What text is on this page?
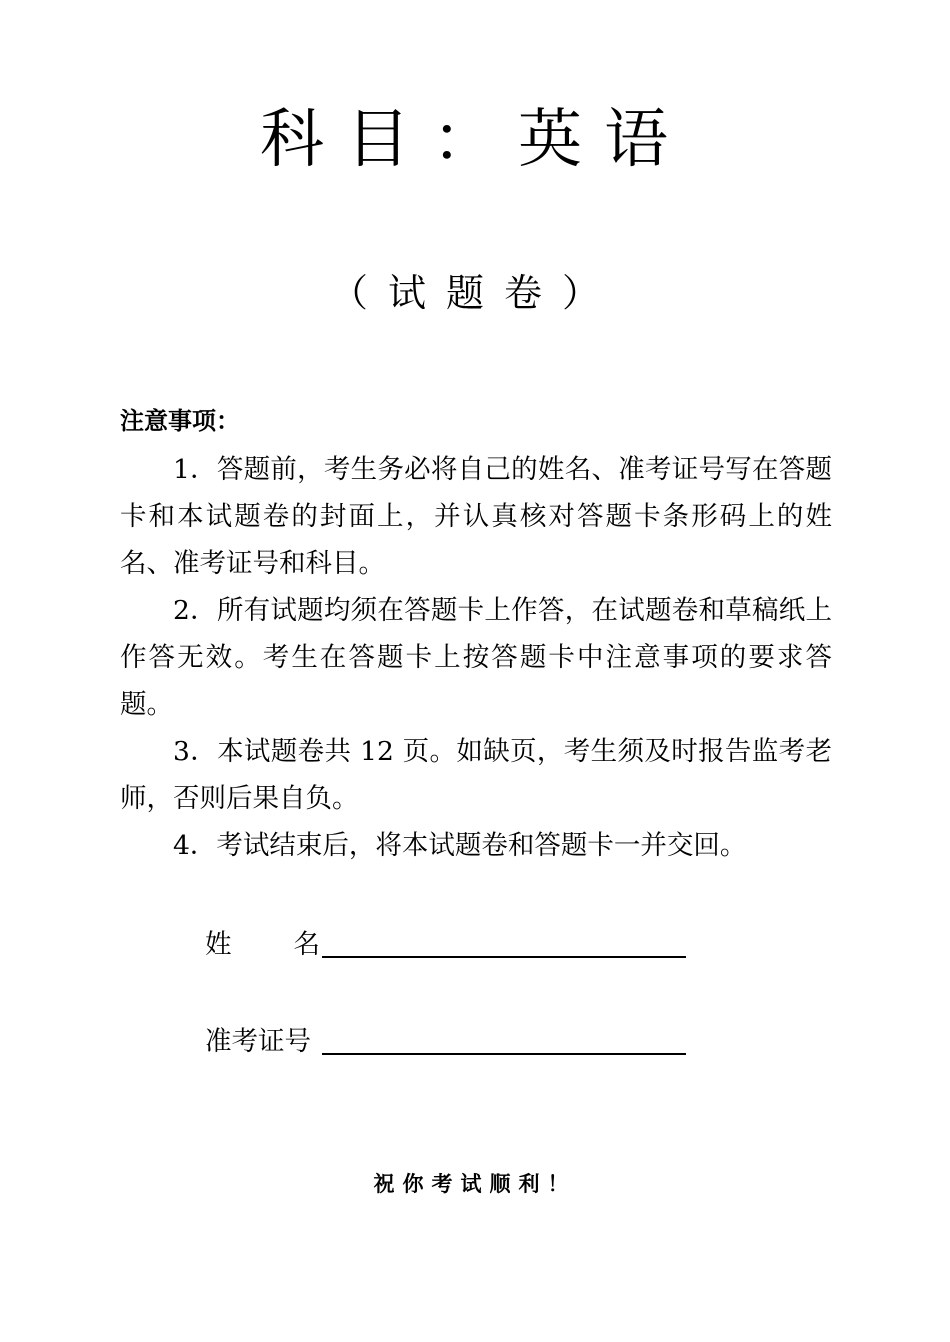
科目：英语
（试题卷）
注意事项：
1．答题前，考生务必将自己的姓名、准考证号写在答题卡和本试题卷的封面上，并认真核对答题卡条形码上的姓名、准考证号和科目。
2．所有试题均须在答题卡上作答，在试题卷和草稿纸上作答无效。考生在答题卡上按答题卡中注意事项的要求答题。
3．本试题卷共 12 页。如缺页，考生须及时报告监考老师，否则后果自负。
4．考试结束后，将本试题卷和答题卡一并交回。
姓名
准考证号
祝你考试顺利！
